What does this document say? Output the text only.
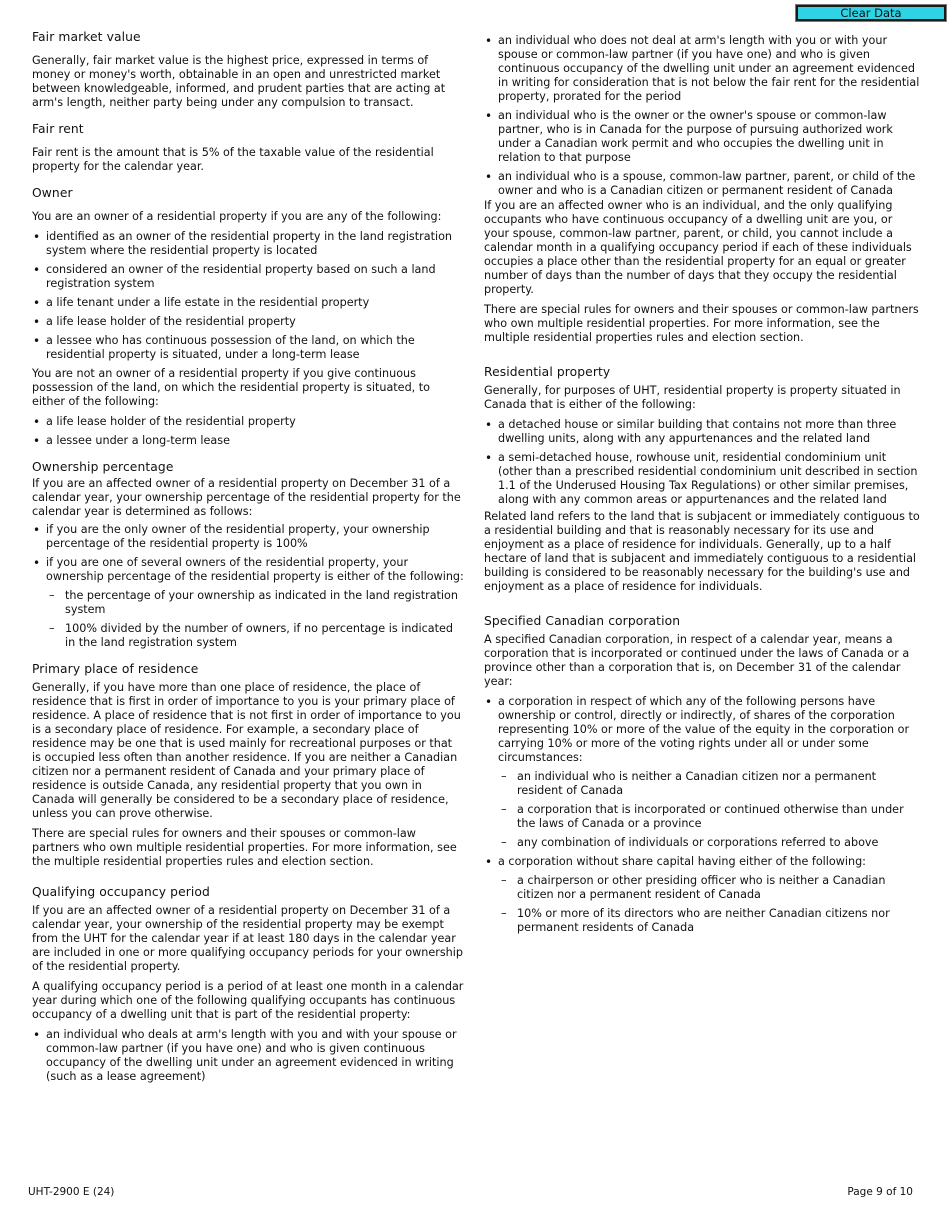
Clear Data
Fair market value

Generally, fair market value is the highest price, expressed in terms of money or money's worth, obtainable in an open and unrestricted market between knowledgeable, informed, and prudent parties that are acting at arm's length, neither party being under any compulsion to transact.

Fair rent

Fair rent is the amount that is 5% of the taxable value of the residential property for the calendar year.

Owner

You are an owner of a residential property if you are any of the following:

• identified as an owner of the residential property in the land registration system where the residential property is located
• considered an owner of the residential property based on such a land registration system
• a life tenant under a life estate in the residential property
• a life lease holder of the residential property
• a lessee who has continuous possession of the land, on which the residential property is situated, under a long-term lease

You are not an owner of a residential property if you give continuous possession of the land, on which the residential property is situated, to either of the following:

• a life lease holder of the residential property
• a lessee under a long-term lease
Ownership percentage

If you are an affected owner of a residential property on December 31 of a calendar year, your ownership percentage of the residential property for the calendar year is determined as follows:

• if you are the only owner of the residential property, your ownership percentage of the residential property is 100%
• if you are one of several owners of the residential property, your ownership percentage of the residential property is either of the following:
– the percentage of your ownership as indicated in the land registration system
– 100% divided by the number of owners, if no percentage is indicated in the land registration system
Primary place of residence

Generally, if you have more than one place of residence, the place of residence that is first in order of importance to you is your primary place of residence. A place of residence that is not first in order of importance to you is a secondary place of residence. For example, a secondary place of residence may be one that is used mainly for recreational purposes or that is occupied less often than another residence. If you are neither a Canadian citizen nor a permanent resident of Canada and your primary place of residence is outside Canada, any residential property that you own in Canada will generally be considered to be a secondary place of residence, unless you can prove otherwise.

There are special rules for owners and their spouses or common-law partners who own multiple residential properties. For more information, see the multiple residential properties rules and election section.

Qualifying occupancy period

If you are an affected owner of a residential property on December 31 of a calendar year, your ownership of the residential property may be exempt from the UHT for the calendar year if at least 180 days in the calendar year are included in one or more qualifying occupancy periods for your ownership of the residential property.

A qualifying occupancy period is a period of at least one month in a calendar year during which one of the following qualifying occupants has continuous occupancy of a dwelling unit that is part of the residential property:

• an individual who deals at arm's length with you and with your spouse or common-law partner (if you have one) and who is given continuous occupancy of the dwelling unit under an agreement evidenced in writing (such as a lease agreement)
• an individual who does not deal at arm's length with you or with your spouse or common-law partner (if you have one) and who is given continuous occupancy of the dwelling unit under an agreement evidenced in writing for consideration that is not below the fair rent for the residential property, prorated for the period
• an individual who is the owner or the owner's spouse or common-law partner, who is in Canada for the purpose of pursuing authorized work under a Canadian work permit and who occupies the dwelling unit in relation to that purpose
• an individual who is a spouse, common-law partner, parent, or child of the owner and who is a Canadian citizen or permanent resident of Canada

If you are an affected owner who is an individual, and the only qualifying occupants who have continuous occupancy of a dwelling unit are you, or your spouse, common-law partner, parent, or child, you cannot include a calendar month in a qualifying occupancy period if each of these individuals occupies a place other than the residential property for an equal or greater number of days than the number of days that they occupy the residential property.

There are special rules for owners and their spouses or common-law partners who own multiple residential properties. For more information, see the multiple residential properties rules and election section.

Residential property

Generally, for purposes of UHT, residential property is property situated in Canada that is either of the following:

• a detached house or similar building that contains not more than three dwelling units, along with any appurtenances and the related land
• a semi-detached house, rowhouse unit, residential condominium unit (other than a prescribed residential condominium unit described in section 1.1 of the Underused Housing Tax Regulations) or other similar premises, along with any common areas or appurtenances and the related land

Related land refers to the land that is subjacent or immediately contiguous to a residential building and that is reasonably necessary for its use and enjoyment as a place of residence for individuals. Generally, up to a half hectare of land that is subjacent and immediately contiguous to a residential building is considered to be reasonably necessary for the building's use and enjoyment as a place of residence for individuals.

Specified Canadian corporation

A specified Canadian corporation, in respect of a calendar year, means a corporation that is incorporated or continued under the laws of Canada or a province other than a corporation that is, on December 31 of the calendar year:

• a corporation in respect of which any of the following persons have ownership or control, directly or indirectly, of shares of the corporation representing 10% or more of the value of the equity in the corporation or carrying 10% or more of the voting rights under all or under some circumstances:
– an individual who is neither a Canadian citizen nor a permanent resident of Canada
– a corporation that is incorporated or continued otherwise than under the laws of Canada or a province
– any combination of individuals or corporations referred to above
• a corporation without share capital having either of the following:
– a chairperson or other presiding officer who is neither a Canadian citizen nor a permanent resident of Canada
– 10% or more of its directors who are neither Canadian citizens nor permanent residents of Canada
UHT-2900 E (24)	Page 9 of 10
